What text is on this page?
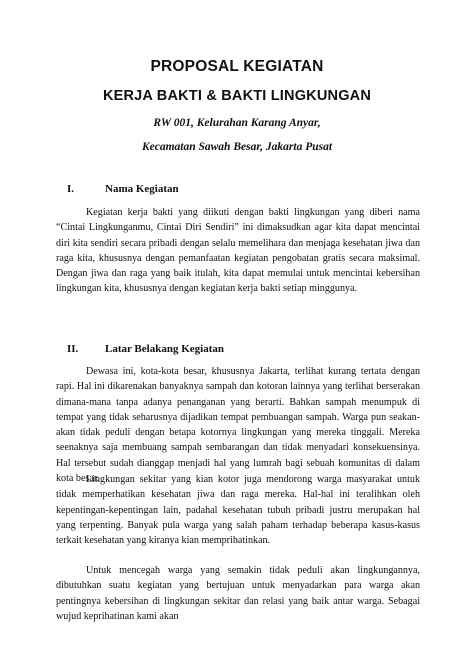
PROPOSAL KEGIATAN
KERJA BAKTI & BAKTI LINGKUNGAN
RW 001, Kelurahan Karang Anyar,
Kecamatan Sawah Besar, Jakarta Pusat
I.	Nama Kegiatan

Kegiatan kerja bakti yang diikuti dengan bakti lingkungan yang diberi nama “Cintai Lingkunganmu, Cintai Diri Sendiri” ini dimaksudkan agar kita dapat mencintai diri kita sendiri secara pribadi dengan selalu memelihara dan menjaga kesehatan jiwa dan raga kita, khususnya dengan pemanfaatan kegiatan pengobatan gratis secara maksimal. Dengan jiwa dan raga yang baik itulah, kita dapat memulai untuk mencintai kebersihan lingkungan kita, khususnya dengan kegiatan kerja bakti setiap minggunya.

II. Latar Belakang Kegiatan

Dewasa ini, kota-kota besar, khususnya Jakarta, terlihat kurang tertata dengan rapi. Hal ini dikarenakan banyaknya sampah dan kotoran lainnya yang terlihat berserakan dimana-mana tanpa adanya penanganan yang berarti. Bahkan sampah menumpuk di tempat yang tidak seharusnya dijadikan tempat pembuangan sampah. Warga pun seakan-akan tidak peduli dengan betapa kotornya lingkungan yang mereka tinggali. Mereka seenaknya saja membuang sampah sembarangan dan tidak menyadari konsekuensinya. Hal tersebut sudah dianggap menjadi hal yang lumrah bagi sebuah komunitas di dalam kota besar.

Lingkungan sekitar yang kian kotor juga mendorong warga masyarakat untuk tidak memperhatikan kesehatan jiwa dan raga mereka. Hal-hal ini teralihkan oleh kepentingan-kepentingan lain, padahal kesehatan tubuh pribadi justru merupakan hal yang terpenting. Banyak pula warga yang salah paham terhadap beberapa kasus-kasus terkait kesehatan yang kiranya kian memprihatinkan.

Untuk mencegah warga yang semakin tidak peduli akan lingkungannya, dibutuhkan suatu kegiatan yang bertujuan untuk menyadarkan para warga akan pentingnya kebersihan di lingkungan sekitar dan relasi yang baik antar warga. Sebagai wujud keprihatinan kami akan
